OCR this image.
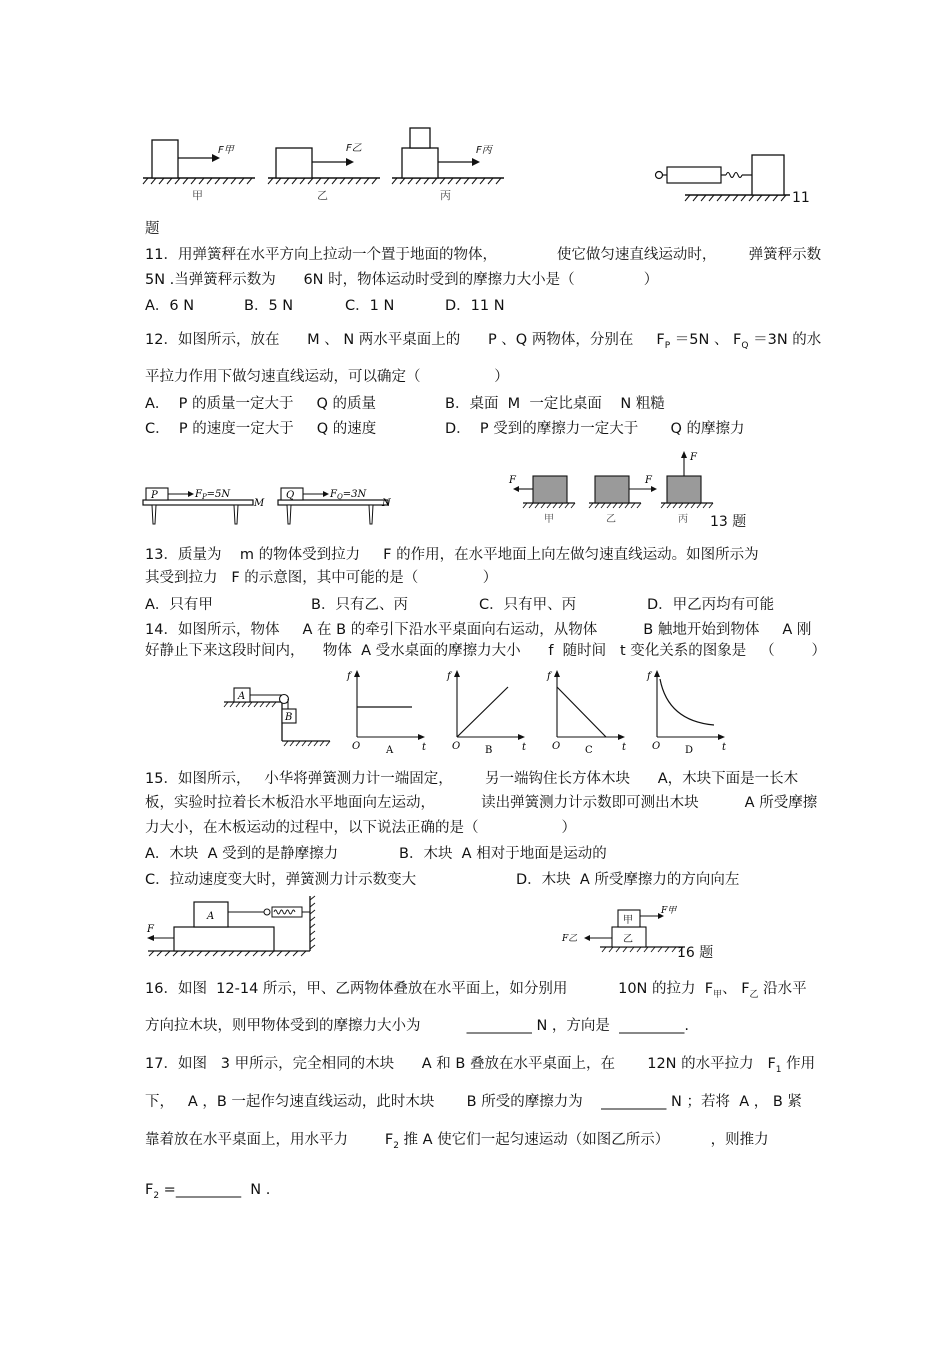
F甲	F乙	F丙
甲	乙	丙	11
题
11．用弹簧秤在水平方向上拉动一个置于地面的物体，             使它做匀速直线运动时，       弹簧秤示数
5N .当弹簧秤示数为      6N 时，物体运动时受到的摩擦力大小是（               ）
A．6 N	B．5 N	C．1 N	D．11 N
12．如图所示，放在      M 、 N 两水平桌面上的      P 、Q 两物体，分别在     $F_P =5N$ 、 $F_Q =3N$ 的水
平拉力作用下做匀速直线运动，可以确定（                ）
A．  P 的质量一定大于     Q 的质量	B．桌面  M  一定比桌面    N 粗糙
C．  P 的速度一定大于     Q 的速度	D．  P 受到的摩擦力一定大于       Q 的摩擦力
P	$F_P=5N$
M
Q	$F_Q=3N$
N
F	F
F
甲	乙	丙 13 题
13．质量为    m 的物体受到拉力     F 的作用，在水平地面上向左做匀速直线运动。如图所示为
其受到拉力   F 的示意图，其中可能的是（              ）
A．只有甲	B．只有乙、丙	C．只有甲、丙	D．甲乙丙均有可能
14．如图所示，物体     A 在 B 的牵引下沿水平桌面向右运动，从物体          B 触地开始到物体     A 刚
好静止下来这段时间内，    物体  A 受水桌面的摩擦力大小      f  随时间   t 变化关系的图象是   （        ）
A
B
f
t
O	A
f
t
O B
f
t
O C
f
t
O D
15．如图所示，   小华将弹簧测力计一端固定，       另一端钩住长方体木块      A，木块下面是一长木
板，实验时拉着长木板沿水平地面向左运动，          读出弹簧测力计示数即可测出木块          A 所受摩擦
力大小，在木板运动的过程中，以下说法正确的是（                  ）
A．木块  A 受到的是静摩擦力	B．木块  A 相对于地面是运动的
C．拉动速度变大时，弹簧测力计示数变大	D．木块  A 所受摩擦力的方向向左
A
F
甲
乙
F甲
F乙
16 题
16．如图  12-14 所示，甲、乙两物体叠放在水平面上，如分别用           10N 的拉力  $F_甲$、 $F_乙$ 沿水平
方向拉木块，则甲物体受到的摩擦力大小为          _________ N ，方向是  _________.
17．如图   3 甲所示，完全相同的木块      A 和 B 叠放在水平桌面上，在       12N 的水平拉力   $F_1$ 作用
下，   A ，B 一起作匀速直线运动，此时木块       B 所受的摩擦力为    _________ N ；若将  A ， B 紧
靠着放在水平桌面上，用水平力        $F_2$ 推 A 使它们一起匀速运动（如图乙所示）         ，则推力
$F_2$ =_________  N .
